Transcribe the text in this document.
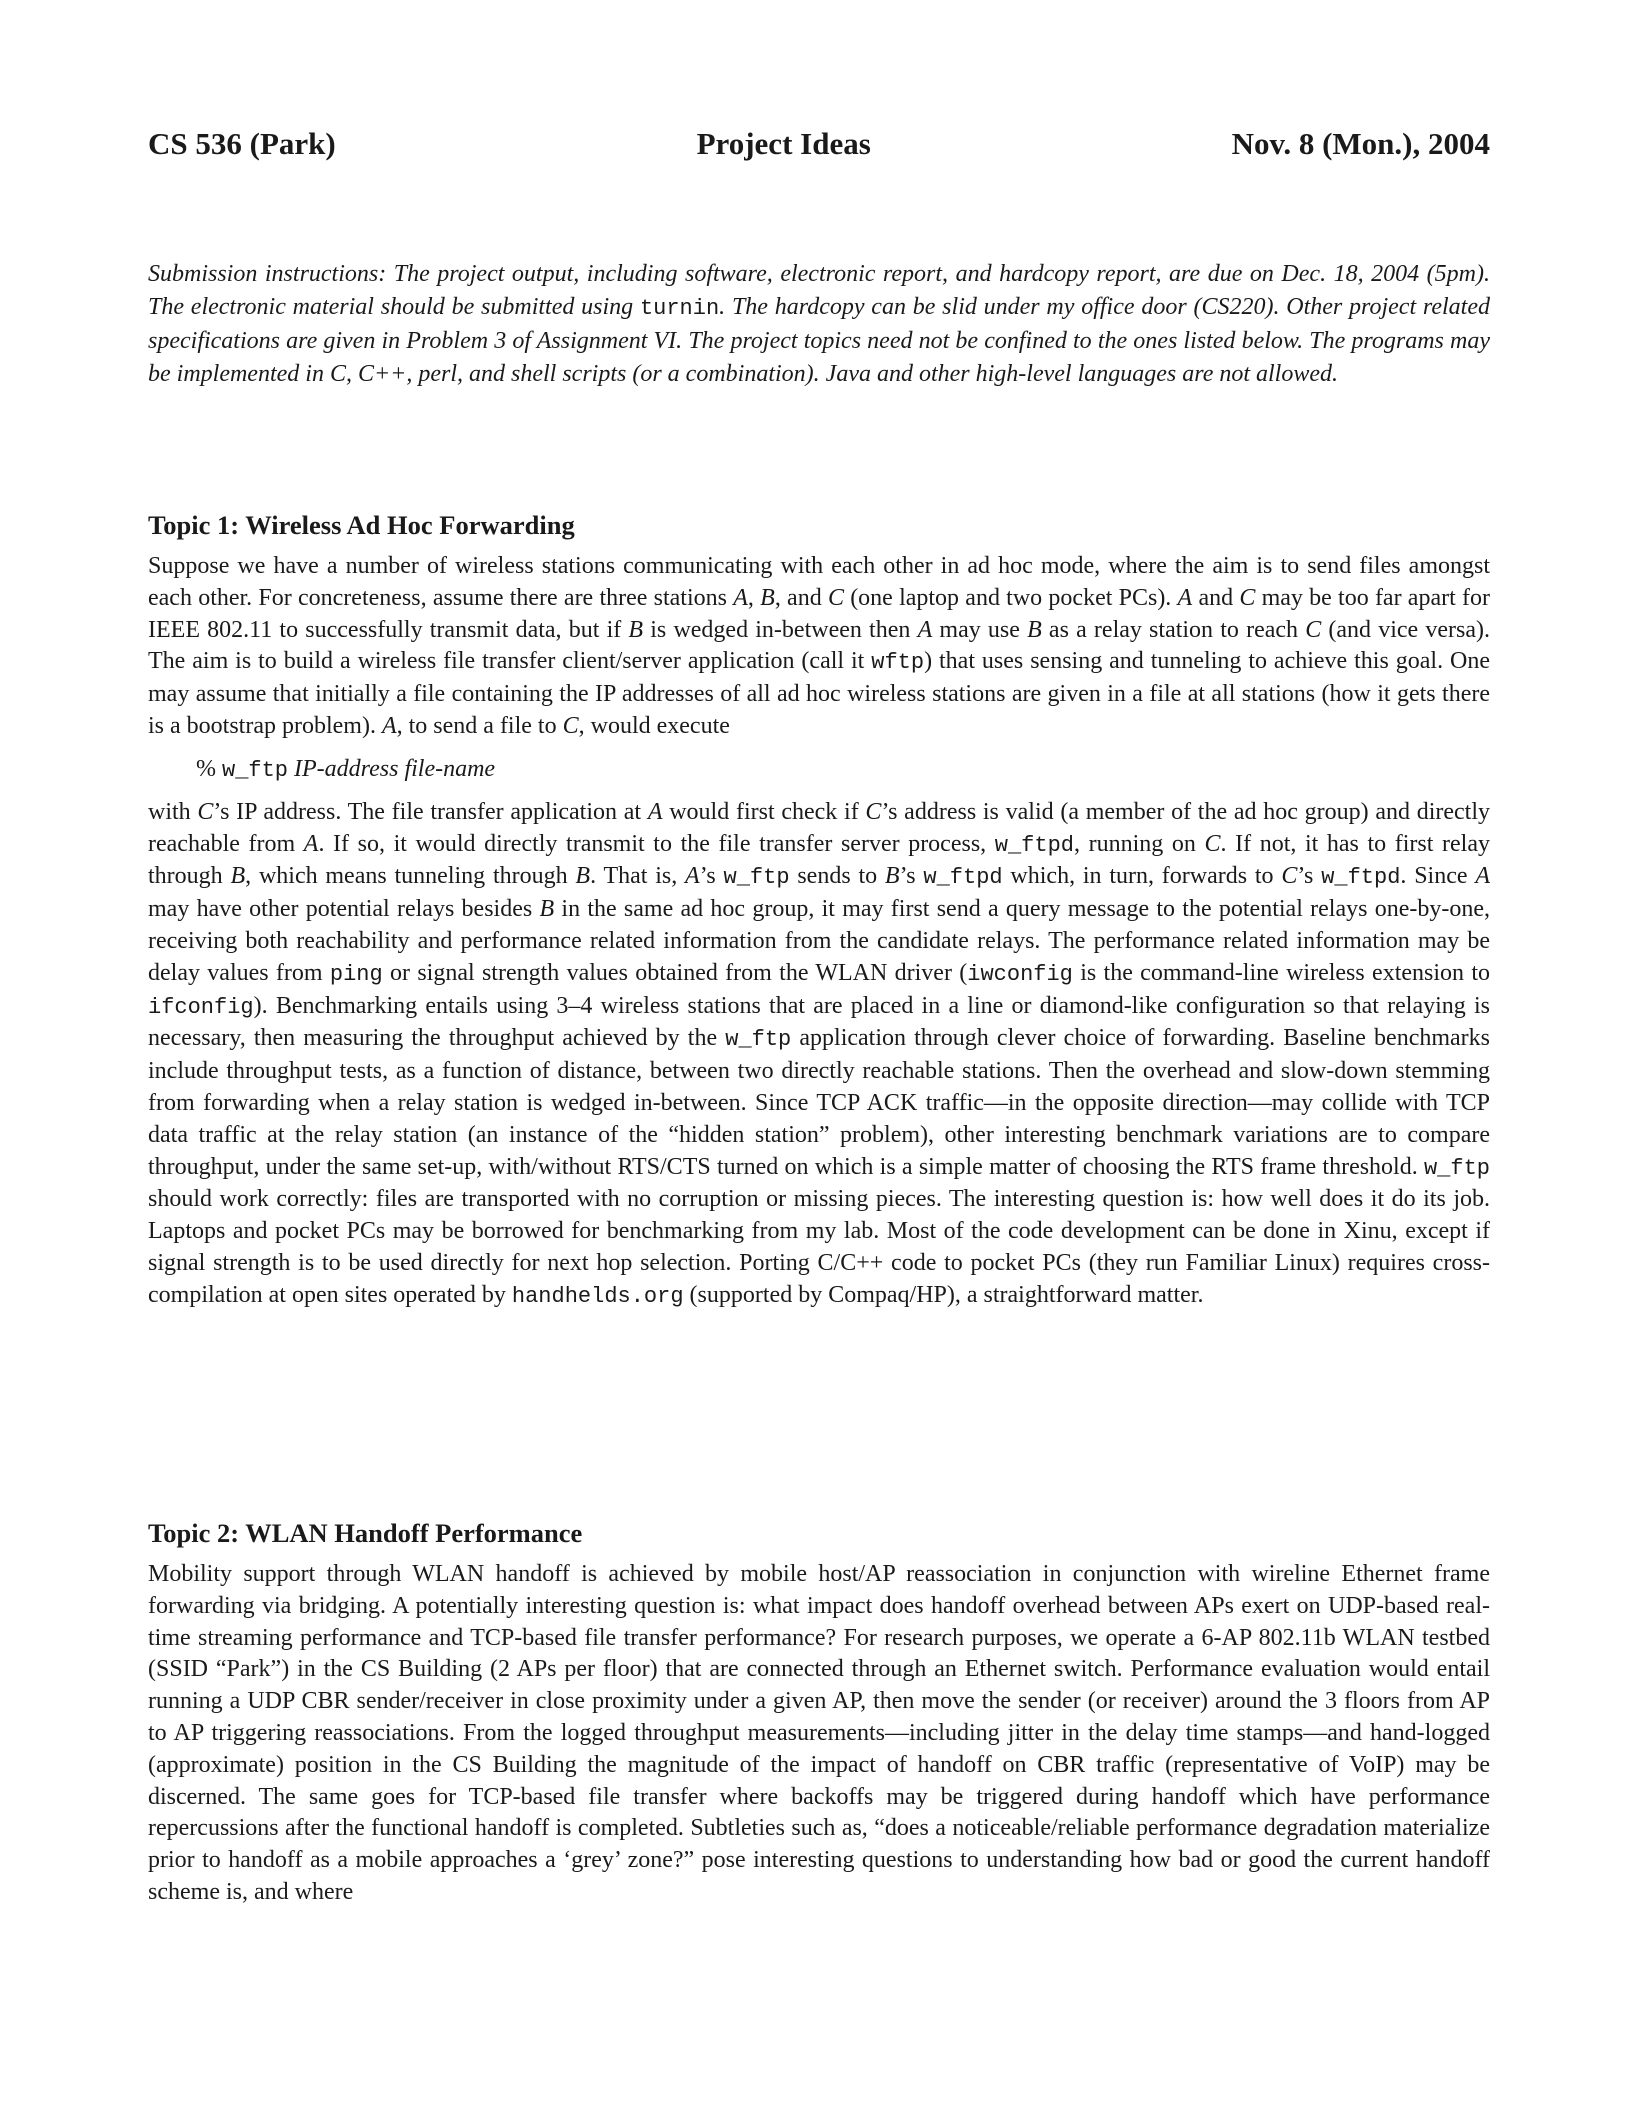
CS 536 (Park)	Project Ideas	Nov. 8 (Mon.), 2004
Submission instructions: The project output, including software, electronic report, and hardcopy report, are due on Dec. 18, 2004 (5pm). The electronic material should be submitted using turnin. The hardcopy can be slid under my office door (CS220). Other project related specifications are given in Problem 3 of Assignment VI. The project topics need not be confined to the ones listed below. The programs may be implemented in C, C++, perl, and shell scripts (or a combination). Java and other high-level languages are not allowed.
Topic 1: Wireless Ad Hoc Forwarding

Suppose we have a number of wireless stations communicating with each other in ad hoc mode, where the aim is to send files amongst each other. For concreteness, assume there are three stations A, B, and C (one laptop and two pocket PCs). A and C may be too far apart for IEEE 802.11 to successfully transmit data, but if B is wedged in-between then A may use B as a relay station to reach C (and vice versa). The aim is to build a wireless file transfer client/server application (call it wftp) that uses sensing and tunneling to achieve this goal. One may assume that initially a file containing the IP addresses of all ad hoc wireless stations are given in a file at all stations (how it gets there is a bootstrap problem). A, to send a file to C, would execute

% w_ftp IP-address file-name

with C’s IP address. The file transfer application at A would first check if C’s address is valid (a member of the ad hoc group) and directly reachable from A. If so, it would directly transmit to the file transfer server process, w_ftpd, running on C. If not, it has to first relay through B, which means tunneling through B. That is, A’s w_ftp sends to B’s w_ftpd which, in turn, forwards to C’s w_ftpd. Since A may have other potential relays besides B in the same ad hoc group, it may first send a query message to the potential relays one-by-one, receiving both reachability and performance related information from the candidate relays. The performance related information may be delay values from ping or signal strength values obtained from the WLAN driver (iwconfig is the command-line wireless extension to ifconfig). Benchmarking entails using 3–4 wireless stations that are placed in a line or diamond-like configuration so that relaying is necessary, then measuring the throughput achieved by the w_ftp application through clever choice of forwarding. Baseline benchmarks include throughput tests, as a function of distance, between two directly reachable stations. Then the overhead and slow-down stemming from forwarding when a relay station is wedged in-between. Since TCP ACK traffic—in the opposite direction—may collide with TCP data traffic at the relay station (an instance of the “hidden station” problem), other interesting benchmark variations are to compare throughput, under the same set-up, with/without RTS/CTS turned on which is a simple matter of choosing the RTS frame threshold. w_ftp should work correctly: files are transported with no corruption or missing pieces. The interesting question is: how well does it do its job. Laptops and pocket PCs may be borrowed for benchmarking from my lab. Most of the code development can be done in Xinu, except if signal strength is to be used directly for next hop selection. Porting C/C++ code to pocket PCs (they run Familiar Linux) requires cross-compilation at open sites operated by handhelds.org (supported by Compaq/HP), a straightforward matter.

Topic 2: WLAN Handoff Performance

Mobility support through WLAN handoff is achieved by mobile host/AP reassociation in conjunction with wireline Ethernet frame forwarding via bridging. A potentially interesting question is: what impact does handoff overhead between APs exert on UDP-based real-time streaming performance and TCP-based file transfer performance? For research purposes, we operate a 6-AP 802.11b WLAN testbed (SSID “Park”) in the CS Building (2 APs per floor) that are connected through an Ethernet switch. Performance evaluation would entail running a UDP CBR sender/receiver in close proximity under a given AP, then move the sender (or receiver) around the 3 floors from AP to AP triggering reassociations. From the logged throughput measurements—including jitter in the delay time stamps—and hand-logged (approximate) position in the CS Building the magnitude of the impact of handoff on CBR traffic (representative of VoIP) may be discerned. The same goes for TCP-based file transfer where backoffs may be triggered during handoff which have performance repercussions after the functional handoff is completed. Subtleties such as, “does a noticeable/reliable performance degradation materialize prior to handoff as a mobile approaches a ‘grey’ zone?” pose interesting questions to understanding how bad or good the current handoff scheme is, and where
